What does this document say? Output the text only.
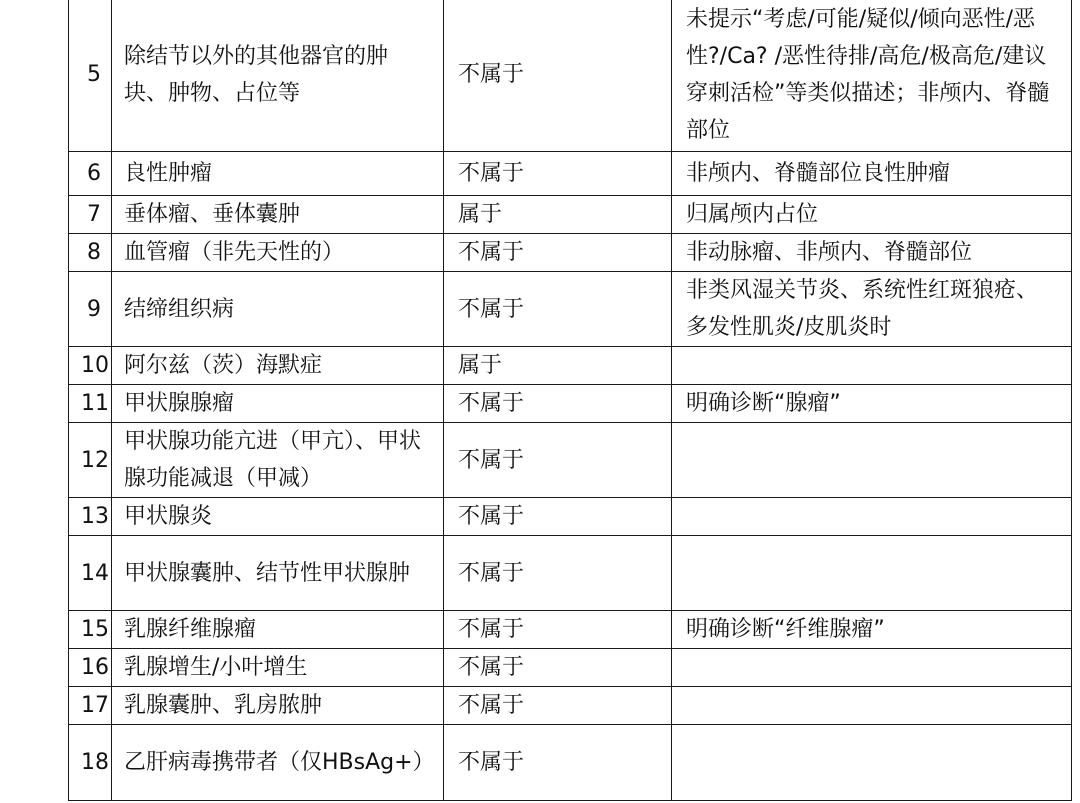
5	除结节以外的其他器官的肿块、肿物、占位等	不属于	未提示“考虑/可能/疑似/倾向恶性/恶性?/Ca? /恶性待排/高危/极高危/建议穿刺活检”等类似描述；非颅内、脊髓部位
6	良性肿瘤	不属于	非颅内、脊髓部位良性肿瘤
7	垂体瘤、垂体囊肿	属于	归属颅内占位
8	血管瘤（非先天性的）	不属于	非动脉瘤、非颅内、脊髓部位
9	结缔组织病	不属于	非类风湿关节炎、系统性红斑狼疮、多发性肌炎/皮肌炎时
10	阿尔兹（茨）海默症	属于	
11	甲状腺腺瘤	不属于	明确诊断“腺瘤”
12	甲状腺功能亢进（甲亢）、甲状腺功能减退（甲减）	不属于	
13	甲状腺炎	不属于	
14	甲状腺囊肿、结节性甲状腺肿	不属于	
15	乳腺纤维腺瘤	不属于	明确诊断“纤维腺瘤”
16	乳腺增生/小叶增生	不属于	
17	乳腺囊肿、乳房脓肿	不属于	
18	乙肝病毒携带者（仅HBsAg+）	不属于	
